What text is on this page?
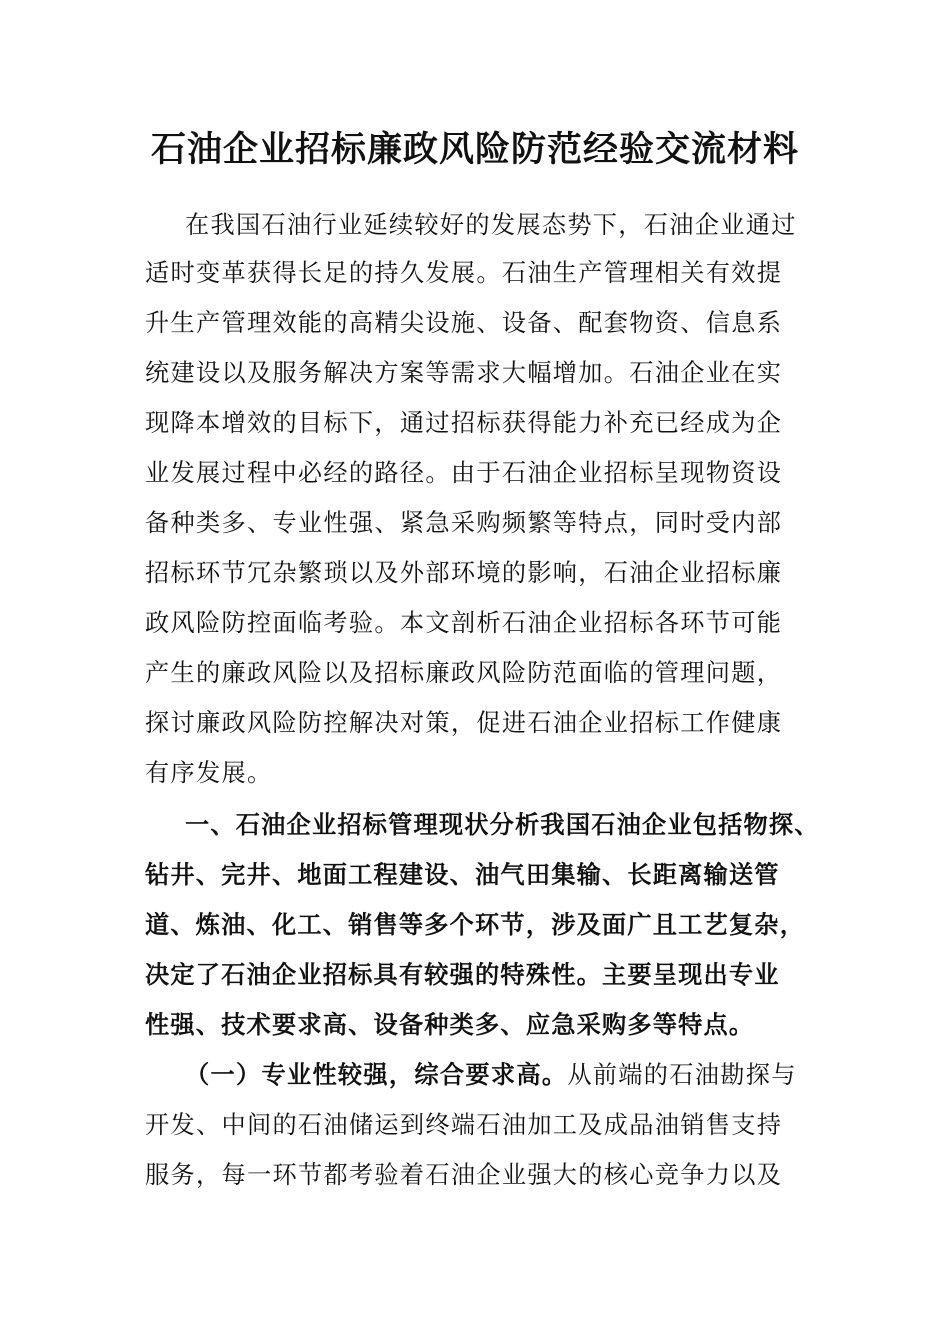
石油企业招标廉政风险防范经验交流材料
在我国石油行业延续较好的发展态势下，石油企业通过
适时变革获得长足的持久发展。石油生产管理相关有效提
升生产管理效能的高精尖设施、设备、配套物资、信息系
统建设以及服务解决方案等需求大幅增加。石油企业在实
现降本增效的目标下，通过招标获得能力补充已经成为企
业发展过程中必经的路径。由于石油企业招标呈现物资设
备种类多、专业性强、紧急采购频繁等特点，同时受内部
招标环节冗杂繁琐以及外部环境的影响，石油企业招标廉
政风险防控面临考验。本文剖析石油企业招标各环节可能
产生的廉政风险以及招标廉政风险防范面临的管理问题，
探讨廉政风险防控解决对策，促进石油企业招标工作健康
有序发展。
一、石油企业招标管理现状分析我国石油企业包括物探、
钻井、完井、地面工程建设、油气田集输、长距离输送管
道、炼油、化工、销售等多个环节，涉及面广且工艺复杂，
决定了石油企业招标具有较强的特殊性。主要呈现出专业
性强、技术要求高、设备种类多、应急采购多等特点。
（一）专业性较强，综合要求高。从前端的石油勘探与
开发、中间的石油储运到终端石油加工及成品油销售支持
服务，每一环节都考验着石油企业强大的核心竞争力以及
